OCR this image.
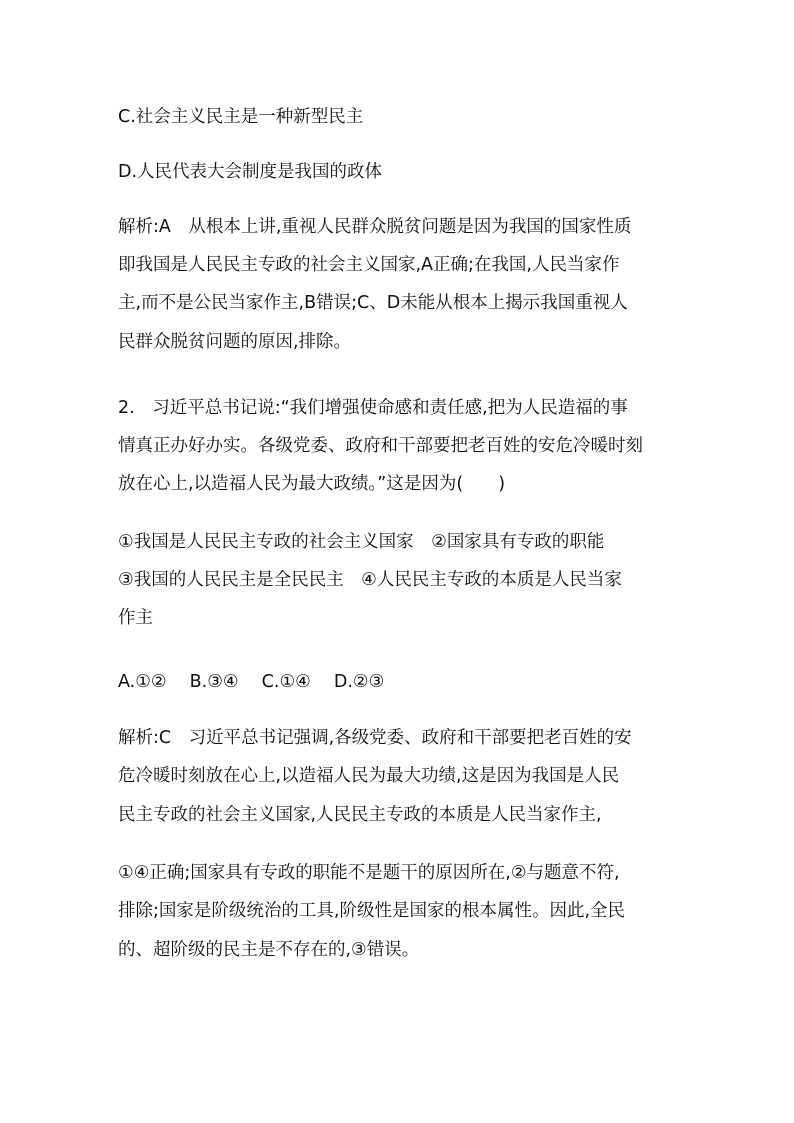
C.社会主义民主是一种新型民主
D.人民代表大会制度是我国的政体
解析:A　从根本上讲,重视人民群众脱贫问题是因为我国的国家性质
即我国是人民民主专政的社会主义国家,A正确;在我国,人民当家作
主,而不是公民当家作主,B错误;C、D未能从根本上揭示我国重视人
民群众脱贫问题的原因,排除。
2.　习近平总书记说:“我们增强使命感和责任感,把为人民造福的事
情真正办好办实。各级党委、政府和干部要把老百姓的安危冷暖时刻
放在心上,以造福人民为最大政绩。”这是因为(　　)
①我国是人民民主专政的社会主义国家　②国家具有专政的职能
③我国的人民民主是全民民主　④人民民主专政的本质是人民当家
作主
A.①②　 B.③④　 C.①④　 D.②③
解析:C　习近平总书记强调,各级党委、政府和干部要把老百姓的安
危冷暖时刻放在心上,以造福人民为最大功绩,这是因为我国是人民
民主专政的社会主义国家,人民民主专政的本质是人民当家作主,
①④正确;国家具有专政的职能不是题干的原因所在,②与题意不符,
排除;国家是阶级统治的工具,阶级性是国家的根本属性。因此,全民
的、超阶级的民主是不存在的,③错误。
